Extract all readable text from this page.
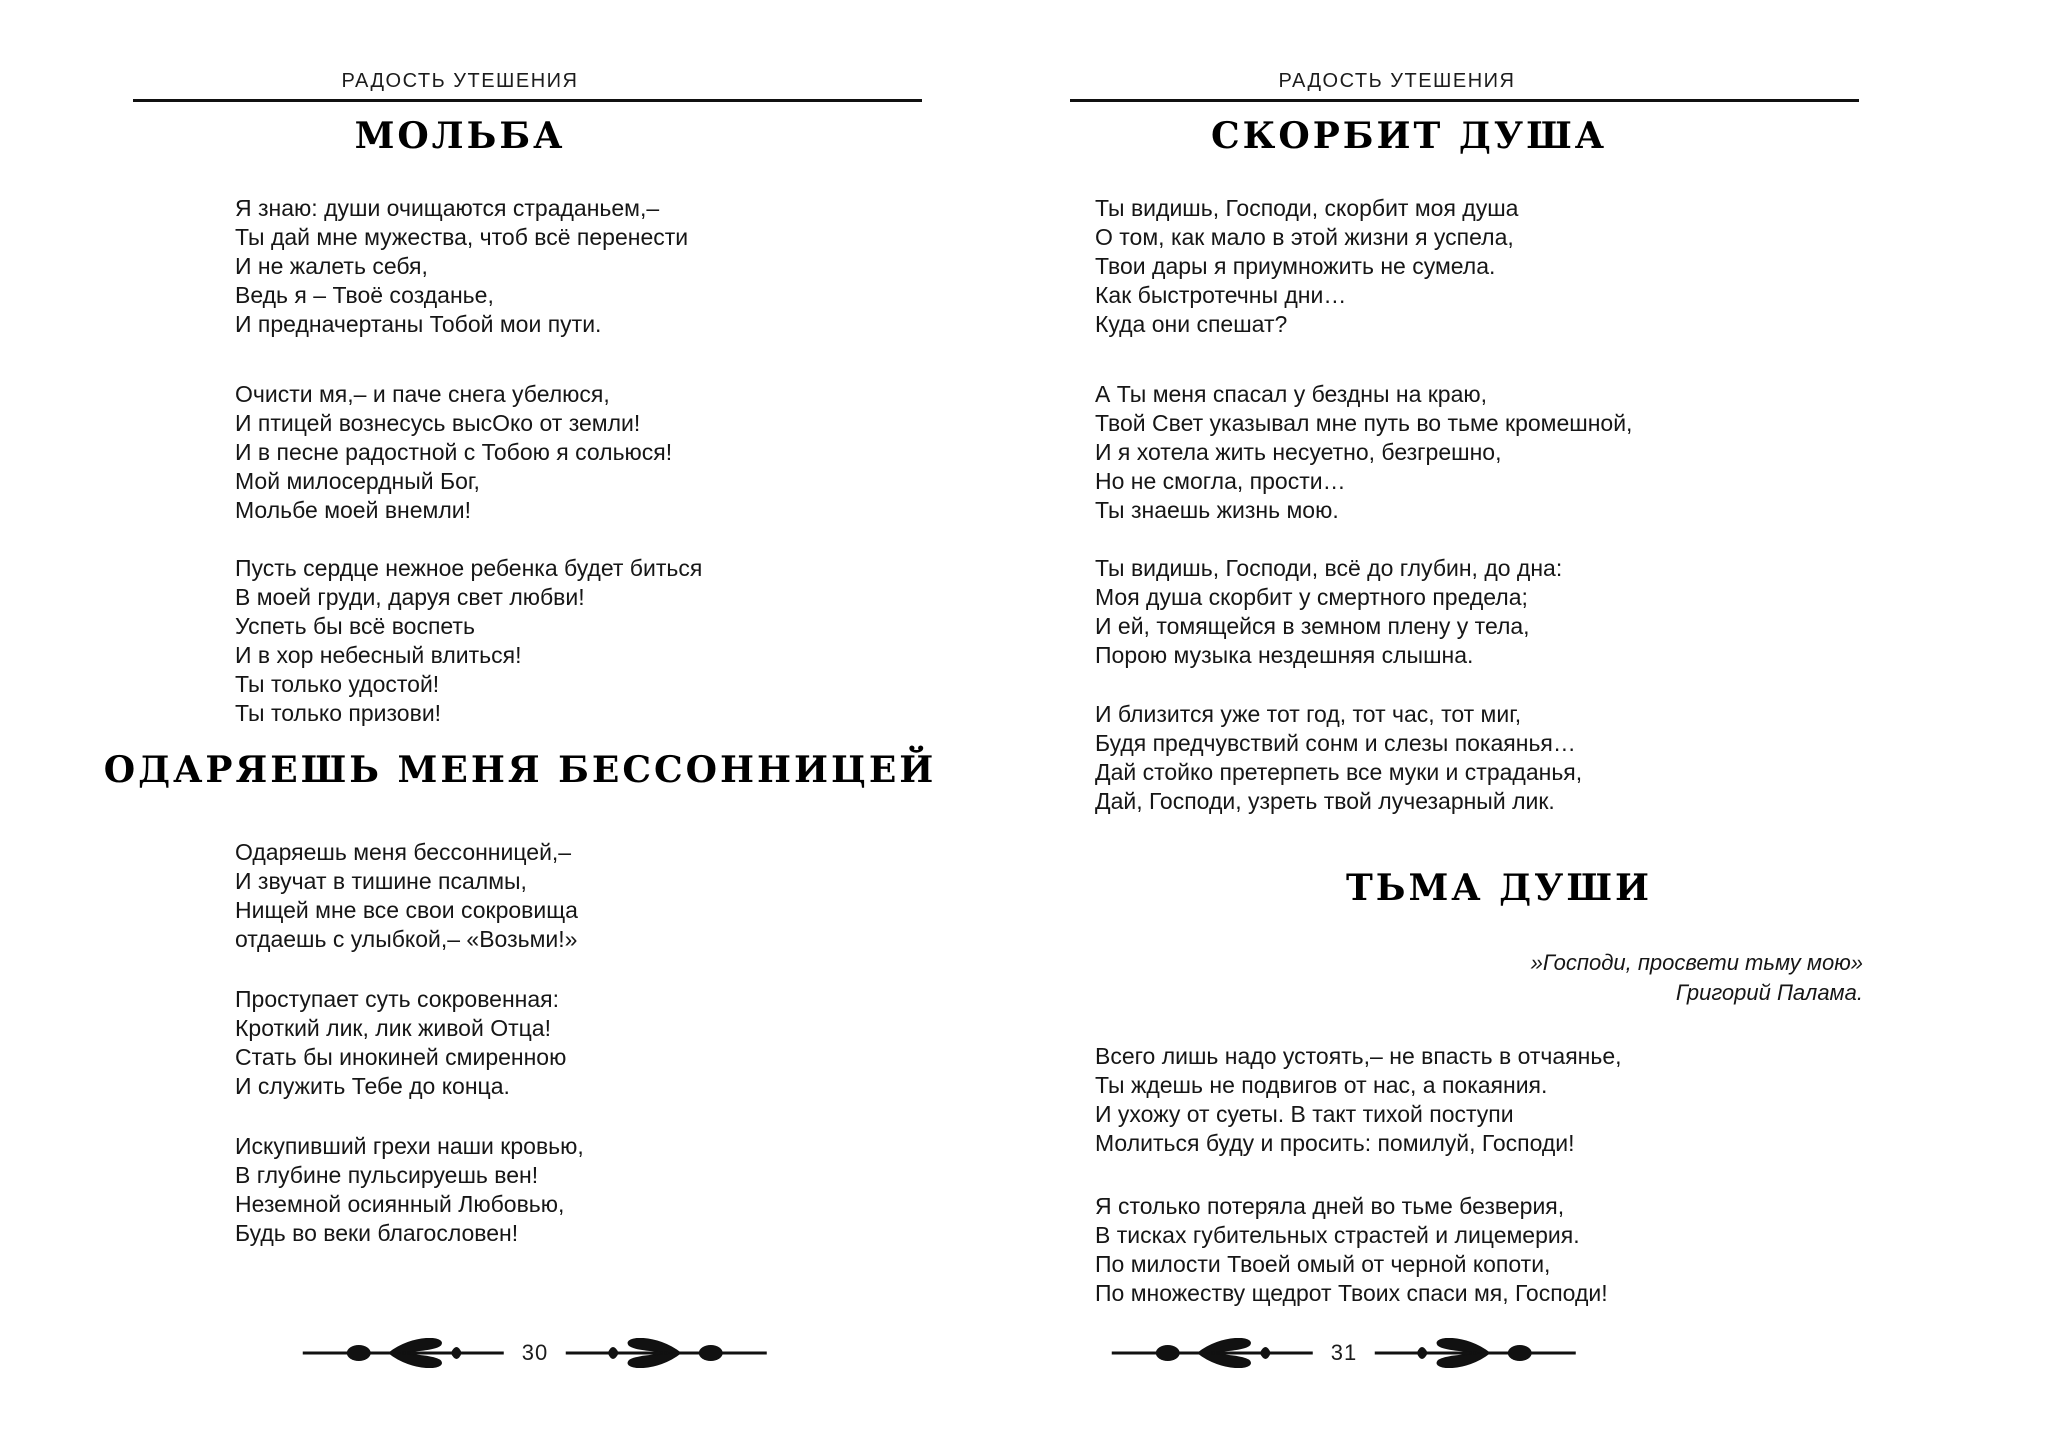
РАДОСТЬ УТЕШЕНИЯ
МОЛЬБА
Я знаю: души очищаются страданьем,–
Ты дай мне мужества, чтоб всё перенести
И не жалеть себя,
Ведь я – Твоё созданье,
И предначертаны Тобой мои пути.
Очисти мя,– и паче снега убелюся,
И птицей вознесусь высОко от земли!
И в песне радостной с Тобою я сольюся!
Мой милосердный Бог,
Мольбе моей внемли!
Пусть сердце нежное ребенка будет биться
В моей груди, даруя свет любви!
Успеть бы всё воспеть
И в хор небесный влиться!
Ты только удостой!
Ты только призови!
ОДАРЯЕШЬ МЕНЯ БЕССОННИЦЕЙ
Одаряешь меня бессонницей,–
И звучат в тишине псалмы,
Нищей мне все свои сокровища
отдаешь с улыбкой,– «Возьми!»
Проступает суть сокровенная:
Кроткий лик, лик живой Отца!
Стать бы инокиней смиренною
И служить Тебе до конца.
Искупивший грехи наши кровью,
В глубине пульсируешь вен!
Неземной осиянный Любовью,
Будь во веки благословен!
30
РАДОСТЬ УТЕШЕНИЯ
СКОРБИТ ДУША
Ты видишь, Господи, скорбит моя душа
О том, как мало в этой жизни я успела,
Твои дары я приумножить не сумела.
Как быстротечны дни…
Куда они спешат?
А Ты меня спасал у бездны на краю,
Твой Свет указывал мне путь во тьме кромешной,
И я хотела жить несуетно, безгрешно,
Но не смогла, прости…
Ты знаешь жизнь мою.
Ты видишь, Господи, всё до глубин, до дна:
Моя душа скорбит у смертного предела;
И ей, томящейся в земном плену у тела,
Порою музыка нездешняя слышна.
И близится уже тот год, тот час, тот миг,
Будя предчувствий сонм и слезы покаянья…
Дай стойко претерпеть все муки и страданья,
Дай, Господи, узреть твой лучезарный лик.
ТЬМА ДУШИ
»Господи, просвети тьму мою»
Григорий Палама.
Всего лишь надо устоять,– не впасть в отчаянье,
Ты ждешь не подвигов от нас, а покаяния.
И ухожу от суеты. В такт тихой поступи
Молиться буду и просить: помилуй, Господи!
Я столько потеряла дней во тьме безверия,
В тисках губительных страстей и лицемерия.
По милости Твоей омый от черной копоти,
По множеству щедрот Твоих спаси мя, Господи!
31
